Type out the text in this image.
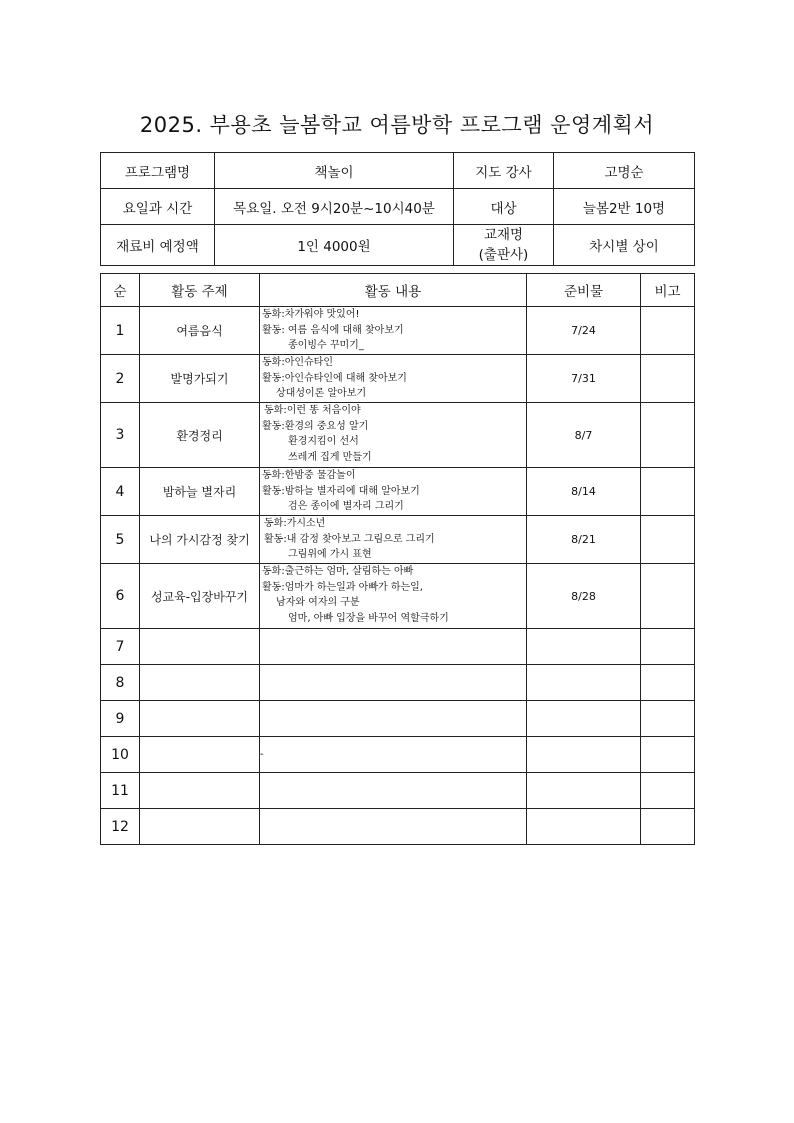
2025. 부용초 늘봄학교 여름방학 프로그램 운영계획서
프로그램명	책놀이	지도 강사	고명순
요일과 시간	목요일. 오전 9시20분~10시40분	대상	늘봄2반 10명
재료비 예정액	1인 4000원	교재명
(출판사)	차시별 상이
순	활동 주제	활동 내용	준비물	비고
1	여름음식	동화:차가워야 맛있어!
활동: 여름 음식에 대해 찾아보기
종이빙수 꾸미기_	7/24	
2	발명가되기	동화:아인슈타인
활동:아인슈타인에 대해 찾아보기
상대성이론 알아보기	7/31	
3	환경정리	동화:이런 똥 처음이야
활동:환경의 중요성 알기
환경지킴이 선서
쓰레게 집게 만들기	8/7	
4	밤하늘 별자리	동화:한밤중 물감놀이
활동:밤하늘 별자리에 대해 알아보기
검은 종이에 별자리 그리기	8/14	
5	나의 가시감정 찾기	동화:가시소년
활동:내 감정 찾아보고 그림으로 그리기
그림위에 가시 표현	8/21	
6	성교육-입장바꾸기	동화:출근하는 엄마, 살림하는 아빠
활동:엄마가 하는일과 아빠가 하는일,
남자와 여자의 구분
엄마, 아빠 입장을 바꾸어 역할극하기	8/28	
7				
8				
9				
10		-		
11				
12				
